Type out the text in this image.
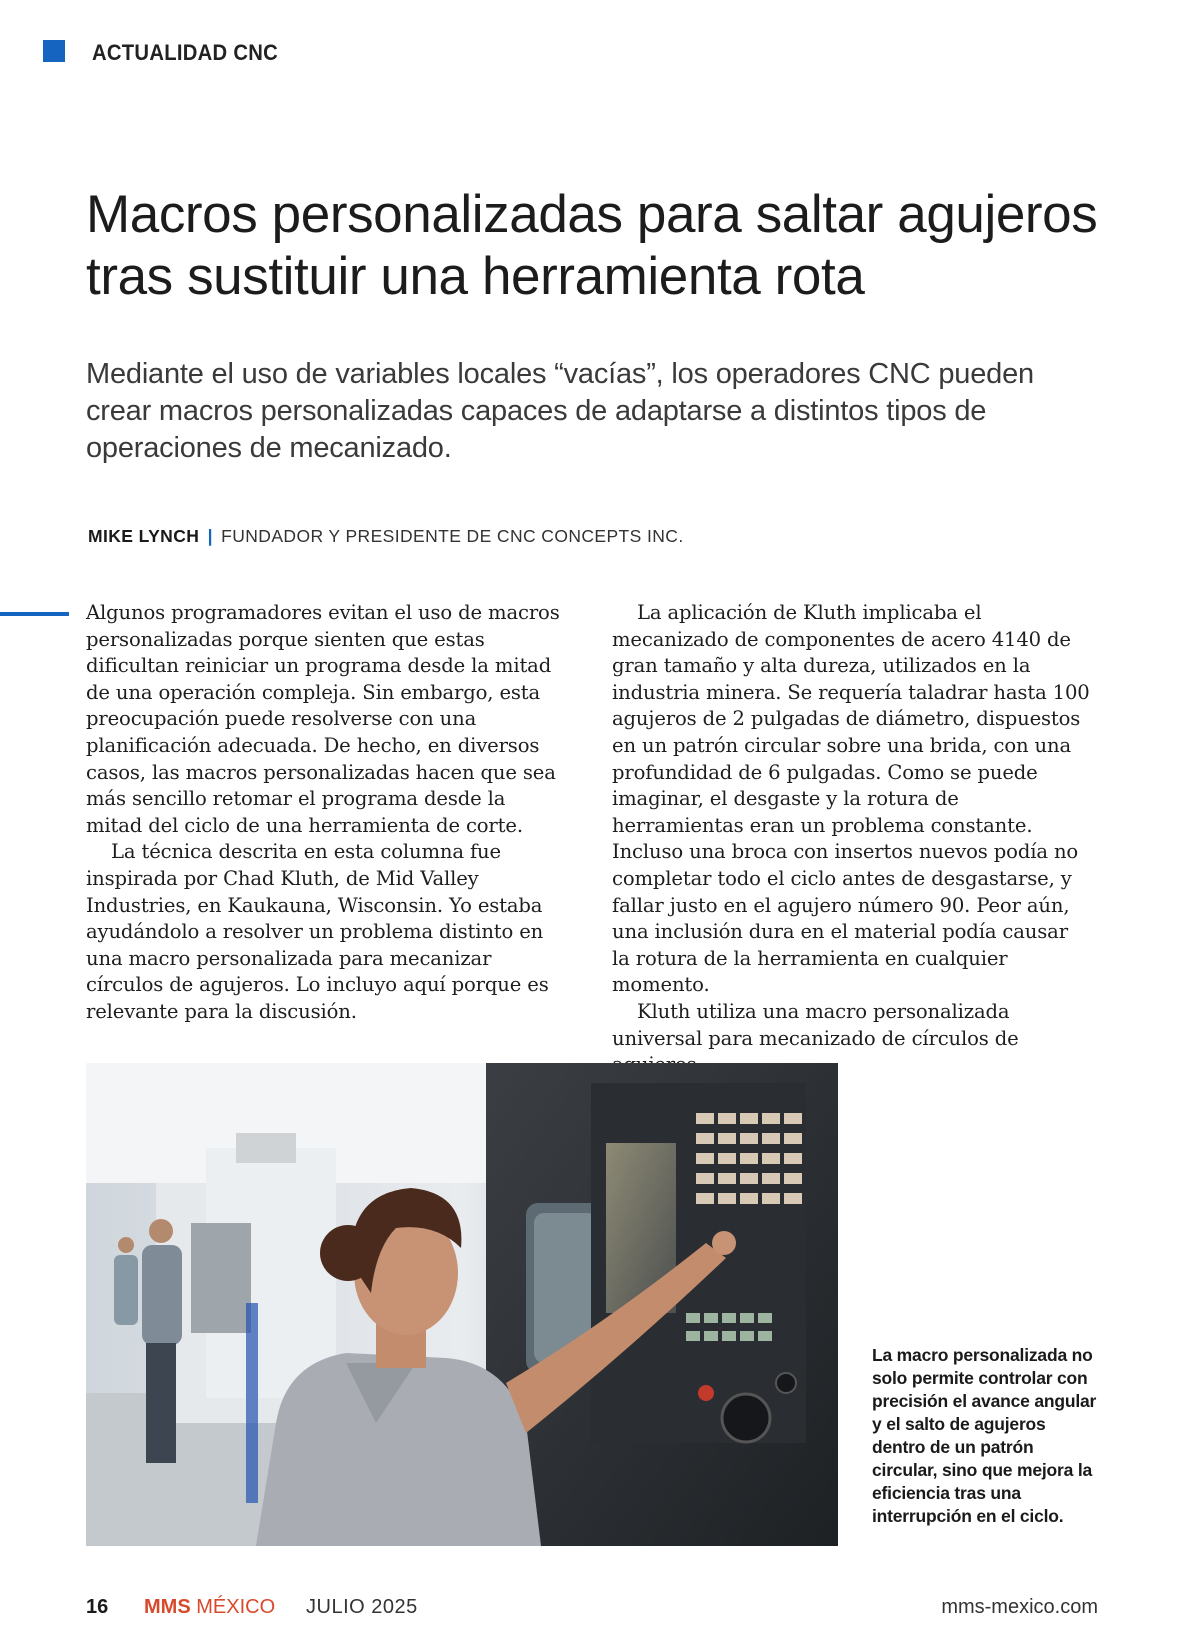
ACTUALIDAD CNC
Macros personalizadas para saltar agujeros tras sustituir una herramienta rota

Mediante el uso de variables locales “vacías”, los operadores CNC pueden crear macros personalizadas capaces de adaptarse a distintos tipos de operaciones de mecanizado.

MIKE LYNCH | FUNDADOR Y PRESIDENTE DE CNC CONCEPTS INC.

Algunos programadores evitan el uso de macros personalizadas porque sienten que estas dificultan reiniciar un programa desde la mitad de una operación compleja. Sin embargo, esta preocupación puede resolverse con una planificación adecuada. De hecho, en diversos casos, las macros personalizadas hacen que sea más sencillo retomar el programa desde la mitad del ciclo de una herramienta de corte.

La técnica descrita en esta columna fue inspirada por Chad Kluth, de Mid Valley Industries, en Kaukauna, Wisconsin. Yo estaba ayudándolo a resolver un problema distinto en una macro personalizada para mecanizar círculos de agujeros. Lo incluyo aquí porque es relevante para la discusión.

La aplicación de Kluth implicaba el mecanizado de componentes de acero 4140 de gran tamaño y alta dureza, utilizados en la industria minera. Se requería taladrar hasta 100 agujeros de 2 pulgadas de diámetro, dispuestos en un patrón circular sobre una brida, con una profundidad de 6 pulgadas. Como se puede imaginar, el desgaste y la rotura de herramientas eran un problema constante. Incluso una broca con insertos nuevos podía no completar todo el ciclo antes de desgastarse, y fallar justo en el agujero número 90. Peor aún, una inclusión dura en el material podía causar la rotura de la herramienta en cualquier momento.

Kluth utiliza una macro personalizada universal para mecanizado de círculos de

La macro personalizada no solo permite controlar con precisión el avance angular y el salto de agujeros dentro de un patrón circular, sino que mejora la eficiencia tras una interrupción en el ciclo.

16 MMS MÉXICO JULIO 2025	mms-mexico.com
